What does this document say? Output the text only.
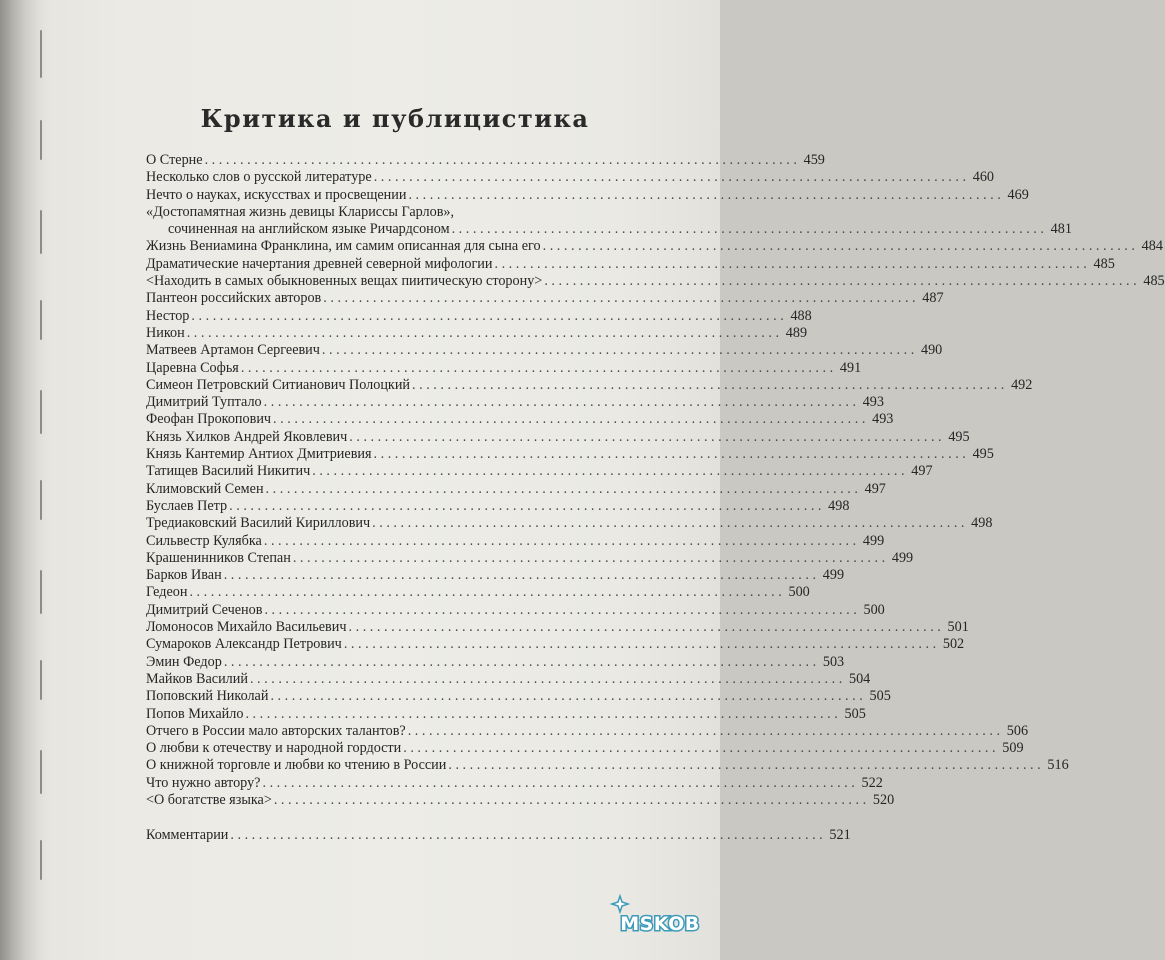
Критика и публицистика
О Стерне . . .	459
Несколько слов о русской литературе . . .	460
Нечто о науках, искусствах и просвещении . . .	469
«Достопамятная жизнь девицы Клариссы Гарлов»,
сочиненная на английском языке Ричардсоном . . .	481
Жизнь Вениамина Франклина, им самим описанная для сына его . . .	484
Драматические начертания древней северной мифологии . . .	485
<Находить в самых обыкновенных вещах пиитическую сторону> . . .	485
Пантеон российских авторов . . .	487
Нестор . . .	488
Никон . . .	489
Матвеев Артамон Сергеевич . . .	490
Царевна Софья . . .	491
Симеон Петровский Ситианович Полоцкий . . .	492
Димитрий Туптало . . .	493
Феофан Прокопович . . .	493
Князь Хилков Андрей Яковлевич . . .	495
Князь Кантемир Антиох Дмитриевия . . .	495
Татищев Василий Никитич . . .	497
Климовский Семен . . .	497
Буслаев Петр . . .	498
Тредиаковский Василий Кириллович . . .	498
Сильвестр Кулябка . . .	499
Крашенинников Степан . . .	499
Барков Иван . . .	499
Гедеон . . .	500
Димитрий Сеченов . . .	500
Ломоносов Михайло Васильевич . . .	501
Сумароков Александр Петрович . . .	502
Эмин Федор . . .	503
Майков Василий . . .	504
Поповский Николай . . .	505
Попов Михайло . . .	505
Отчего в России мало авторских талантов? . . .	506
О любви к отечеству и народной гордости . . .	509
О книжной торговле и любви ко чтению в России . . .	516
Что нужно автору? . . .	522
<О богатстве языка> . . .	520
Комментарии . . .	521
MSKOB
